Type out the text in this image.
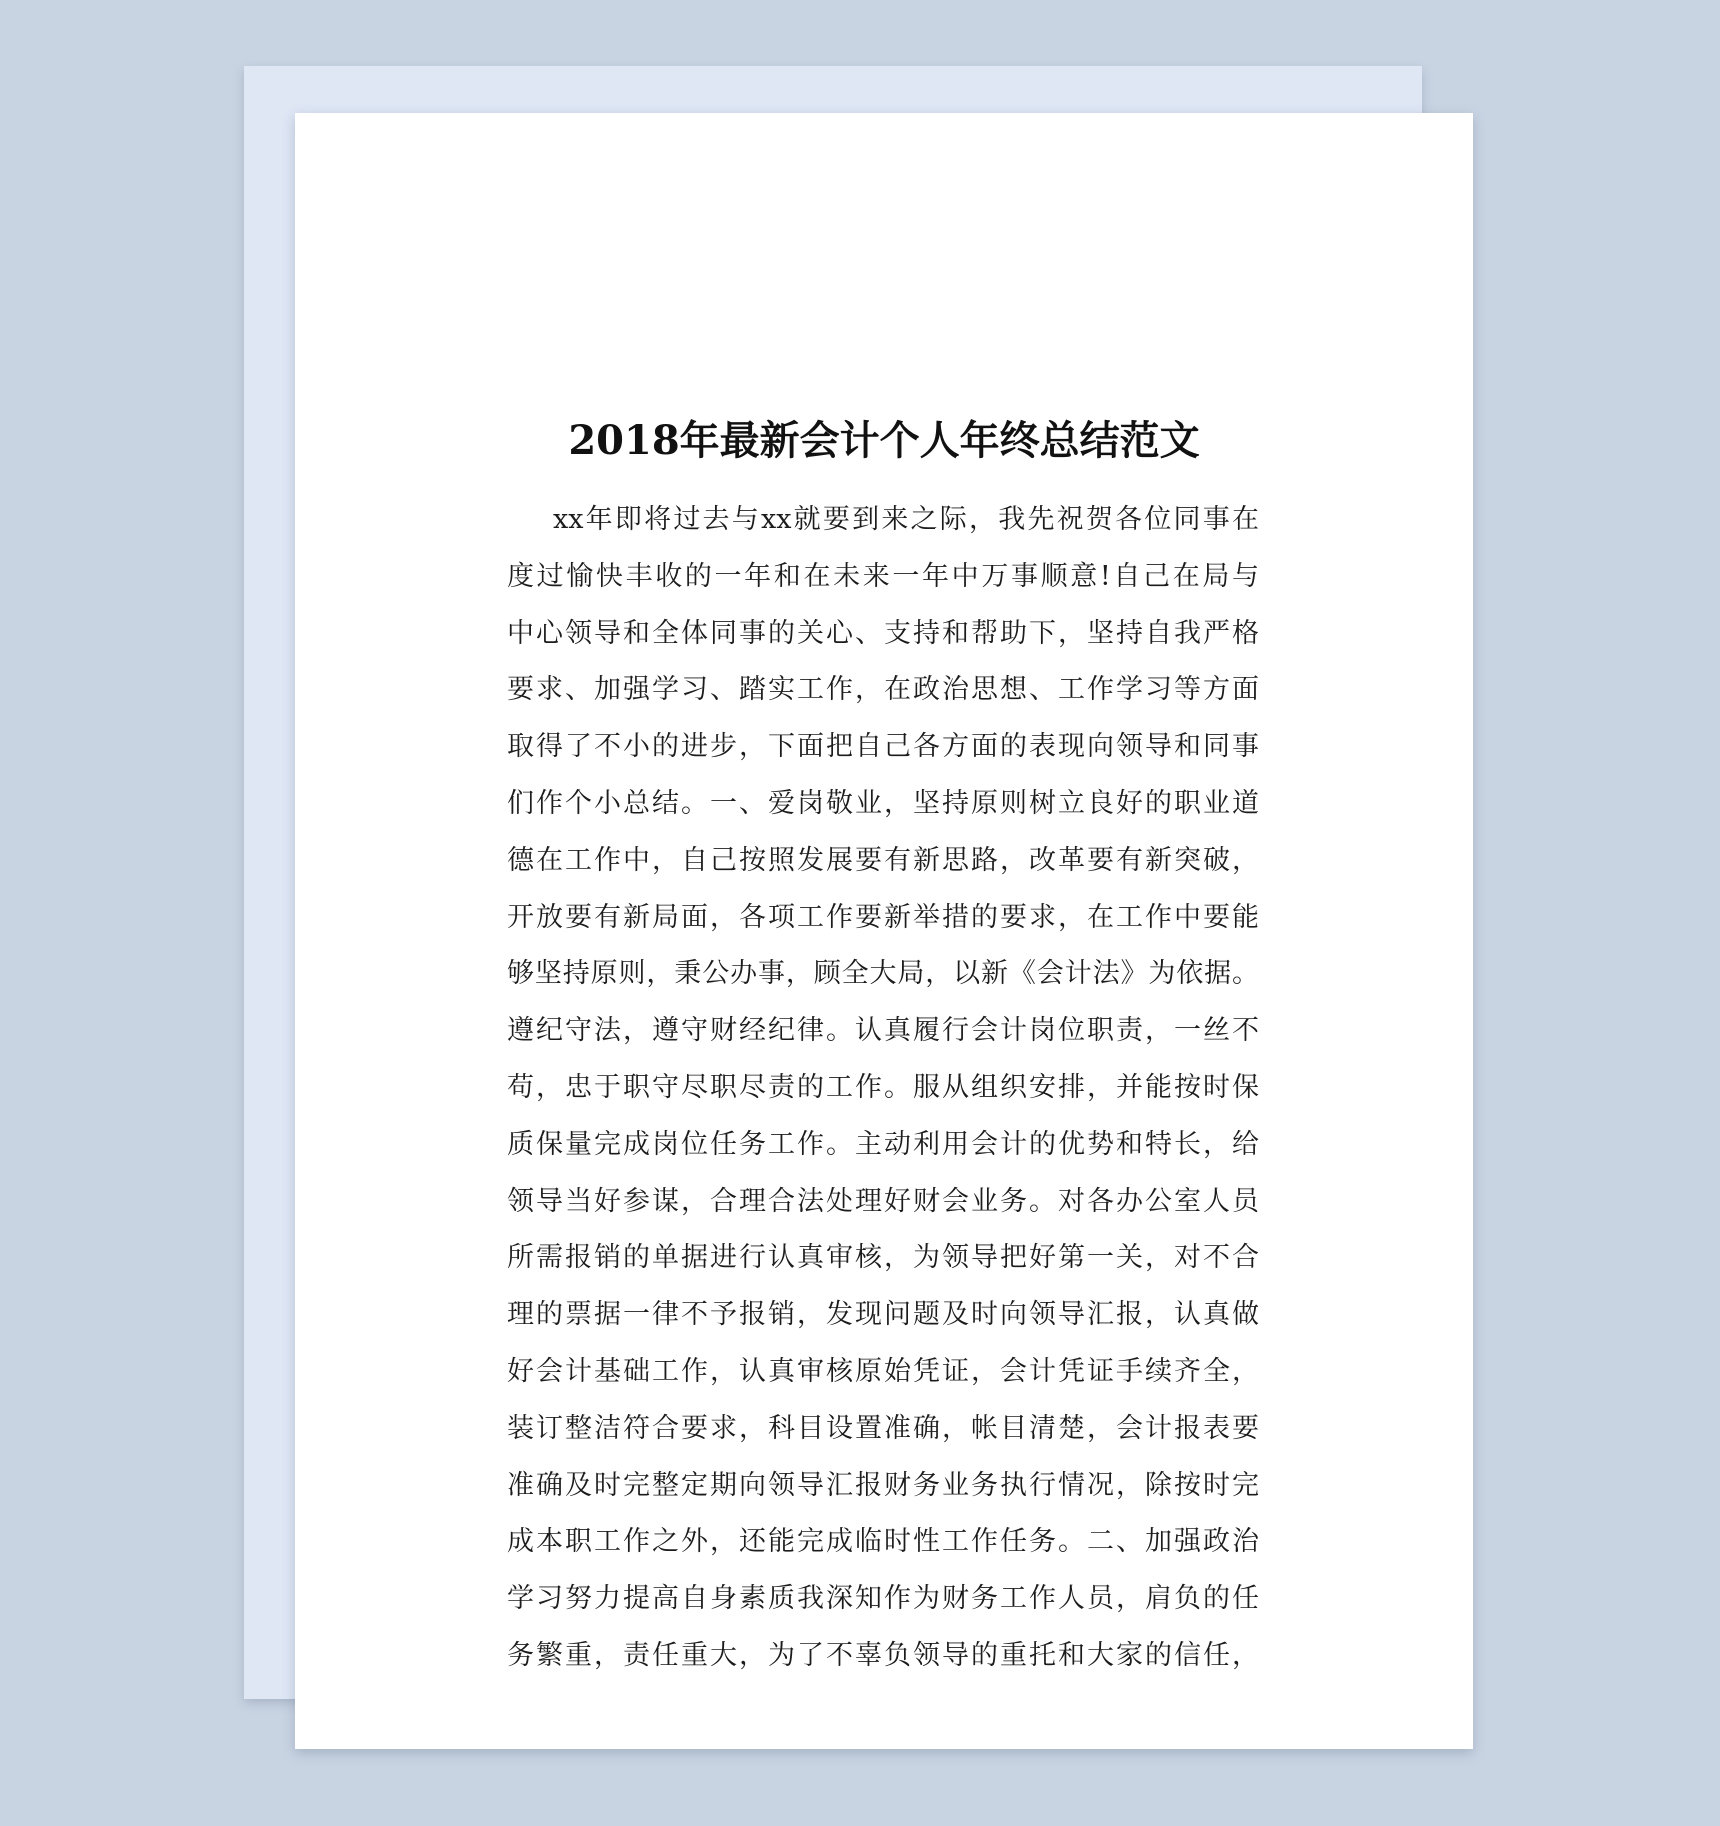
2018年最新会计个人年终总结范文
xx年即将过去与xx就要到来之际，我先祝贺各位同事在
度过愉快丰收的一年和在未来一年中万事顺意!自己在局与
中心领导和全体同事的关心、支持和帮助下，坚持自我严格
要求、加强学习、踏实工作，在政治思想、工作学习等方面
取得了不小的进步，下面把自己各方面的表现向领导和同事
们作个小总结。一、爱岗敬业，坚持原则树立良好的职业道
德在工作中，自己按照发展要有新思路，改革要有新突破，
开放要有新局面，各项工作要新举措的要求，在工作中要能
够坚持原则，秉公办事，顾全大局，以新《会计法》为依据。
遵纪守法，遵守财经纪律。认真履行会计岗位职责，一丝不
苟，忠于职守尽职尽责的工作。服从组织安排，并能按时保
质保量完成岗位任务工作。主动利用会计的优势和特长，给
领导当好参谋，合理合法处理好财会业务。对各办公室人员
所需报销的单据进行认真审核，为领导把好第一关，对不合
理的票据一律不予报销，发现问题及时向领导汇报，认真做
好会计基础工作，认真审核原始凭证，会计凭证手续齐全，
装订整洁符合要求，科目设置准确，帐目清楚，会计报表要
准确及时完整定期向领导汇报财务业务执行情况，除按时完
成本职工作之外，还能完成临时性工作任务。二、加强政治
学习努力提高自身素质我深知作为财务工作人员，肩负的任
务繁重，责任重大，为了不辜负领导的重托和大家的信任，
